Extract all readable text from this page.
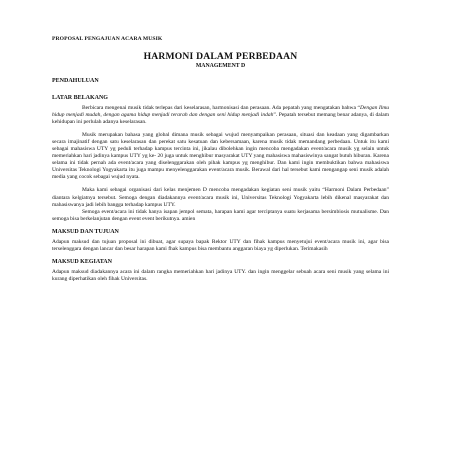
PROPOSAL PENGAJUAN ACARA MUSIK
HARMONI DALAM PERBEDAAN
MANAGEMENT D
PENDAHULUAN
LATAR BELAKANG

Berbicara mengenai musik tidak terlepas dari keselarasan, harmonisasi dan perasaan. Ada pepatah yang mengatakan bahwa “Dengan Ilmu hidup menjadi mudah, dengan agama hidup menjadi terarah dan dengan seni hidup menjadi indah”. Pepatah tersebut memang benar adanya, di dalam kehidupan ini perlulah adanya keselarasan.

Musik merupakan bahasa yang global dimana musik sebagai wujud menyampaikan perasaan, situasi dan keadaan yang digambarkan secara imajinatif dengan satu keselarasan dan perekat satu kesatuan dan kebersamaan, karena musik tidak memandang perbedaan. Untuk itu kami sebagai mahasiswa UTY yg peduli terhadap kampus tercinta ini, jikalau dibolehkan ingin mencoba mengadakan event/acara musik yg selain untuk memeriahkan hari jadinya kampus UTY yg ke- 20 juga untuk menghibur masyarakat UTY yang mahasiswa mahasiswinya sangat butuh hiburan. Karena selama ini tidak pernah ada event/acara yang diselenggarakan oleh pihak kampus yg menghibur. Dan kami ingin membuktikan bahwa mahasiswa Universitas Teknologi Yogyakarta itu juga mampu menyelenggarakan event/acara musik. Berawal dari hal tersebut kami mengangap seni musik adalah media yang cocok sebagai wujud nyata.

Maka kami sebagai organisasi dari kelas menjemen D mencoba mengadakan kegiatan seni musik yaitu “Harmoni Dalam Perbedaan” diantara kelgiatnya tersebut. Semoga dengan diadakannya event/acara musik ini, Universitas Teknologi Yogyakarta lebih dikenal masyarakat dan mahasiswanya jadi lebih bangga terhadap kampus UTY.

Semoga event/acara ini tidak hanya isapan jempol semata, harapan kami agar terciptanya suatu kerjasama bersimbiosis mutualisme. Dan semoga bisa berkelanjutan dengan event event berikutnya. amien

MAKSUD DAN TUJUAN

Adapun maksud dan tujuan proposal ini dibuat, agar supaya bapak Rektor UTY dan fihak kampus menyetujui event/acara musik ini, agar bisa terselenggara dengan lancar dan besar harapan kami fhak kampus bisa membantu anggaran biaya yg diperlukan. Terimakasih

MAKSUD KEGIATAN

Adapun maksud diadakannya acara ini dalam rangka memeriahkan hari jadinya UTY. dan ingin menggelar sebuah acara seni musik yang selama ini kurang diperhatikan oleh fihak Universitas.
